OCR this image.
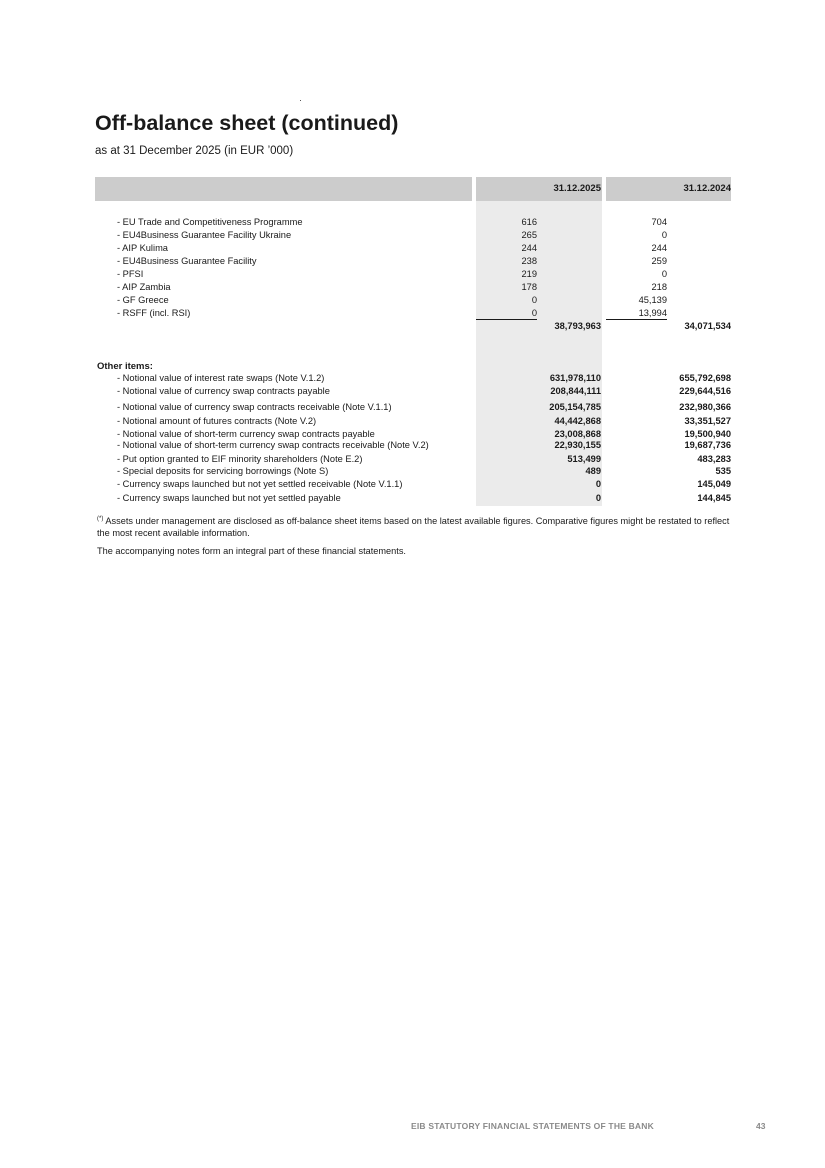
Off-balance sheet (continued)
as at 31 December 2025 (in EUR ’000)
31.12.2025	31.12.2024
- EU Trade and Competitiveness Programme	616	704
- EU4Business Guarantee Facility Ukraine	265	0
- AIP Kulima	244	244
- EU4Business Guarantee Facility	238	259
- PFSI	219	0
- AIP Zambia	178	218
- GF Greece	0	45,139
- RSFF (incl. RSI)	0	13,994
38,793,963	34,071,534
Other items:
- Notional value of interest rate swaps (Note V.1.2)	631,978,110	655,792,698
- Notional value of currency swap contracts payable	208,844,111	229,644,516
- Notional value of currency swap contracts receivable (Note V.1.1)	205,154,785	232,980,366
- Notional amount of futures contracts (Note V.2)	44,442,868	33,351,527
- Notional value of short-term currency swap contracts payable	23,008,868	19,500,940
- Notional value of short-term currency swap contracts receivable (Note V.2)	22,930,155	19,687,736
- Put option granted to EIF minority shareholders (Note E.2)	513,499	483,283
- Special deposits for servicing borrowings (Note S)	489	535
- Currency swaps launched but not yet settled receivable (Note V.1.1)	0	145,049
- Currency swaps launched but not yet settled payable	0	144,845
(*) Assets under management are disclosed as off-balance sheet items based on the latest available figures. Comparative figures might be restated to reflect the most recent available information.
The accompanying notes form an integral part of these financial statements.
EIB STATUTORY FINANCIAL STATEMENTS OF THE BANK	43
